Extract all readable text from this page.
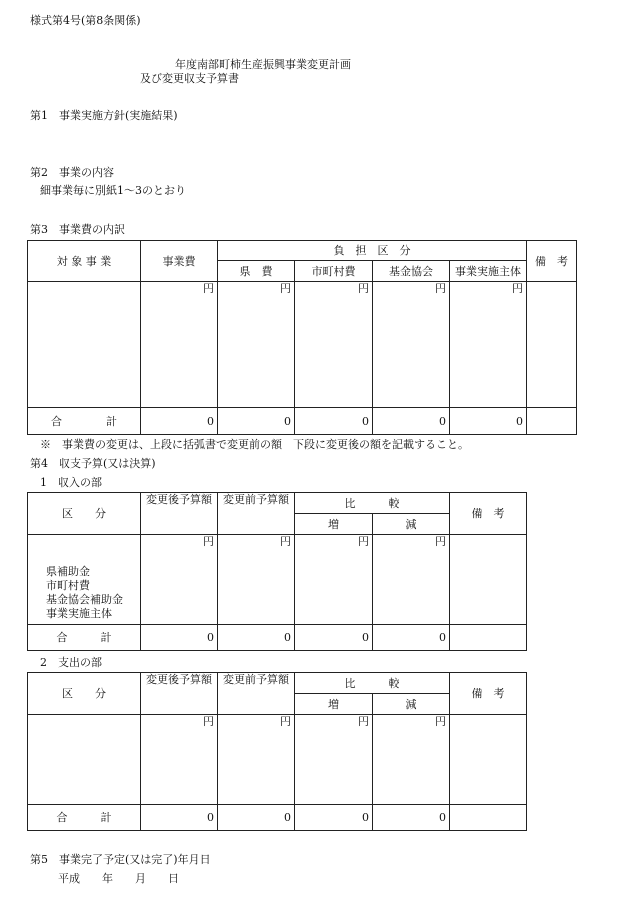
様式第4号(第8条関係)
年度南部町柿生産振興事業変更計画
及び変更収支予算書
第1　事業実施方針(実施結果)
第2　事業の内容
細事業毎に別紙1～3のとおり
第3　事業費の内訳
対 象 事 業	事業費	負　担　区　分				備　考
		県　費	市町村費	基金協会	事業実施主体	
	円	円	円	円	円	
合　　　　計	0	0	0	0	0	
※　事業費の変更は、上段に括弧書で変更前の額　下段に変更後の額を記載すること。
第4　収支予算(又は決算)
1　収入の部
区　　分	変更後予算額	変更前予算額	比　　　較		備　考
			増	減	

県補助金
市町村費
基金協会補助金
事業実施主体	円	円	円	円	
合　　　計	0	0	0	0	
2　支出の部
区　　分	変更後予算額	変更前予算額	比　　　較		備　考
			増	減	
	円	円	円	円	
合　　　計	0	0	0	0	
第5　事業完了予定(又は完了)年月日
平成　　年　　月　　日
